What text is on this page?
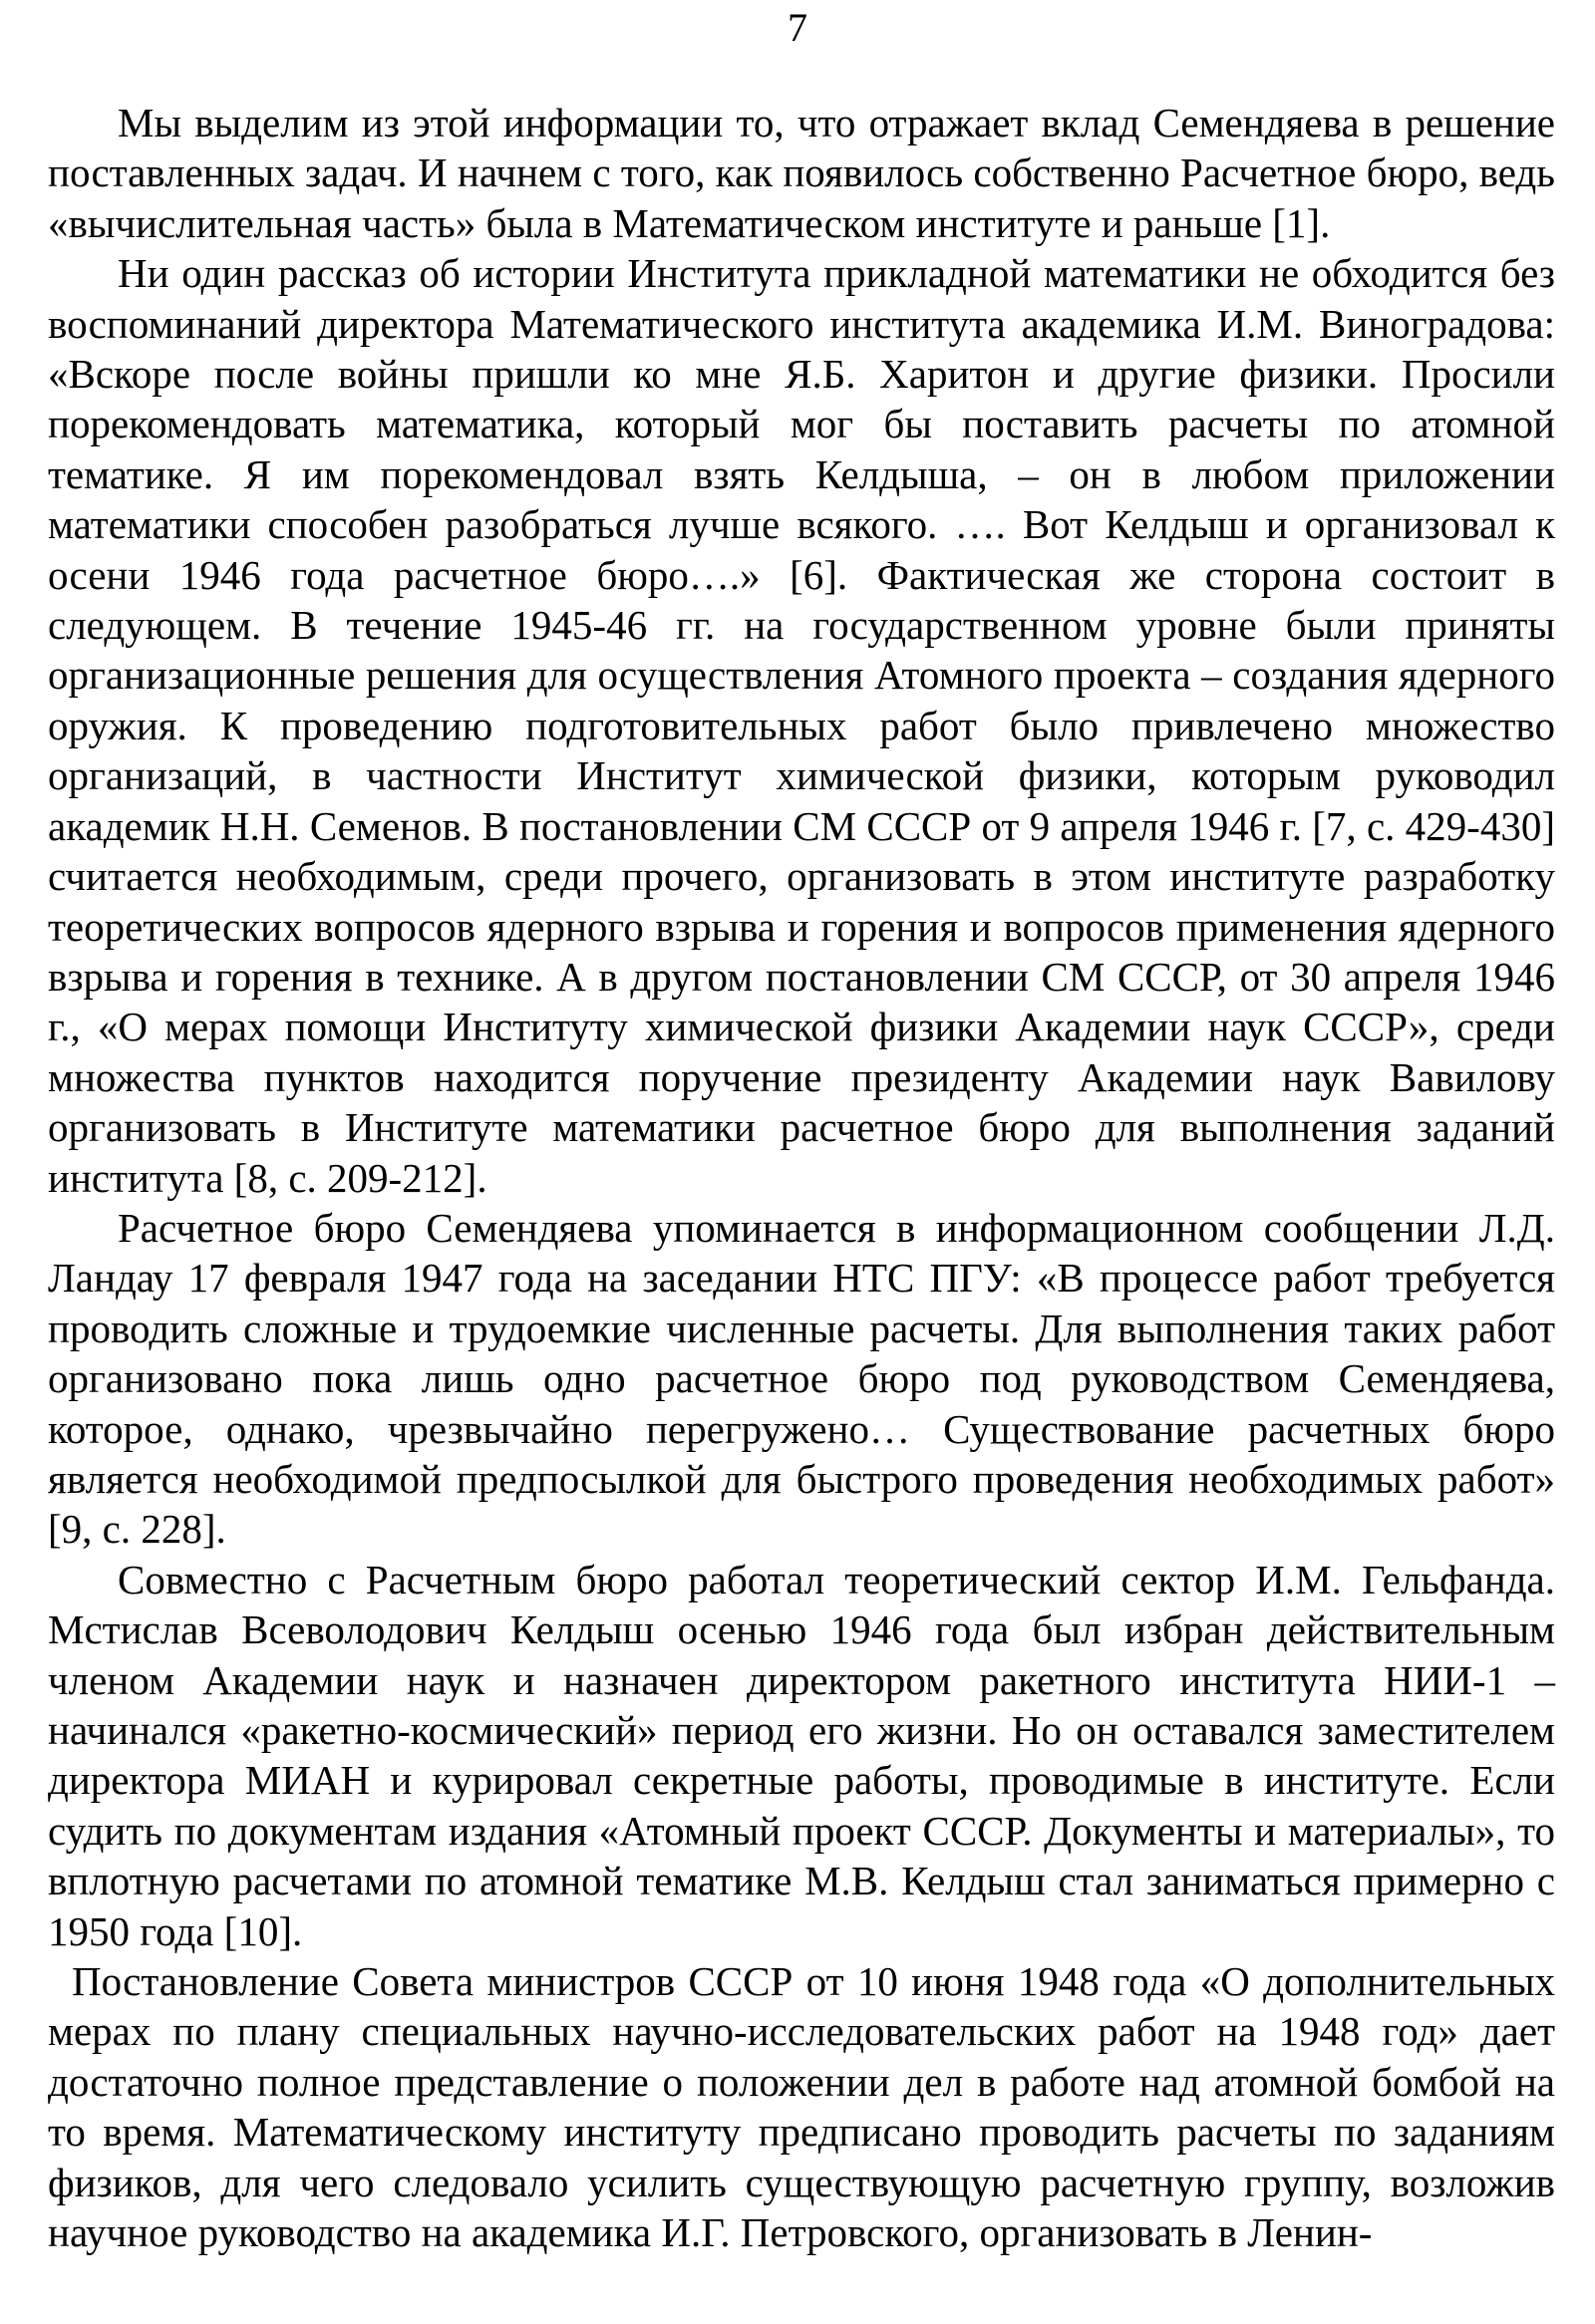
7

Мы выделим из этой информации то, что отражает вклад Семендяева в решение поставленных задач. И начнем с того, как появилось собственно Расчетное бюро, ведь «вычислительная часть» была в Математическом институте и раньше [1].

Ни один рассказ об истории Института прикладной математики не обходится без воспоминаний директора Математического института академика И.М. Виноградова: «Вскоре после войны пришли ко мне Я.Б. Харитон и другие физики. Просили порекомендовать математика, который мог бы поставить расчеты по атомной тематике. Я им порекомендовал взять Келдыша, – он в любом приложении математики способен разобраться лучше всякого. …. Вот Келдыш и организовал к осени 1946 года расчетное бюро….» [6]. Фактическая же сторона состоит в следующем. В течение 1945-46 гг. на государственном уровне были приняты организационные решения для осуществления Атомного проекта – создания ядерного оружия. К проведению подготовительных работ было привлечено множество организаций, в частности Институт химической физики, которым руководил академик Н.Н. Семенов. В постановлении СМ СССР от 9 апреля 1946 г. [7, с. 429-430] считается необходимым, среди прочего, организовать в этом институте разработку теоретических вопросов ядерного взрыва и горения и вопросов применения ядерного взрыва и горения в технике. А в другом постановлении СМ СССР, от 30 апреля 1946 г., «О мерах помощи Институту химической физики Академии наук СССР», среди множества пунктов находится поручение президенту Академии наук Вавилову организовать в Институте математики расчетное бюро для выполнения заданий института [8, с. 209-212].

Расчетное бюро Семендяева упоминается в информационном сообщении Л.Д. Ландау 17 февраля 1947 года на заседании НТС ПГУ: «В процессе работ требуется проводить сложные и трудоемкие численные расчеты. Для выполнения таких работ организовано пока лишь одно расчетное бюро под руководством Семендяева, которое, однако, чрезвычайно перегружено… Существование расчетных бюро является необходимой предпосылкой для быстрого проведения необходимых работ» [9, с. 228].

Совместно с Расчетным бюро работал теоретический сектор И.М. Гельфанда. Мстислав Всеволодович Келдыш осенью 1946 года был избран действительным членом Академии наук и назначен директором ракетного института НИИ-1 – начинался «ракетно-космический» период его жизни. Но он оставался заместителем директора МИАН и курировал секретные работы, проводимые в институте. Если судить по документам издания «Атомный проект СССР. Документы и материалы», то вплотную расчетами по атомной тематике М.В. Келдыш стал заниматься примерно с 1950 года [10].

Постановление Совета министров СССР от 10 июня 1948 года «О дополнительных мерах по плану специальных научно-исследовательских работ на 1948 год» дает достаточно полное представление о положении дел в работе над атомной бомбой на то время. Математическому институту предписано проводить расчеты по заданиям физиков, для чего следовало усилить существующую расчетную группу, возложив научное руководство на академика И.Г. Петровского, организовать в Ленин-
